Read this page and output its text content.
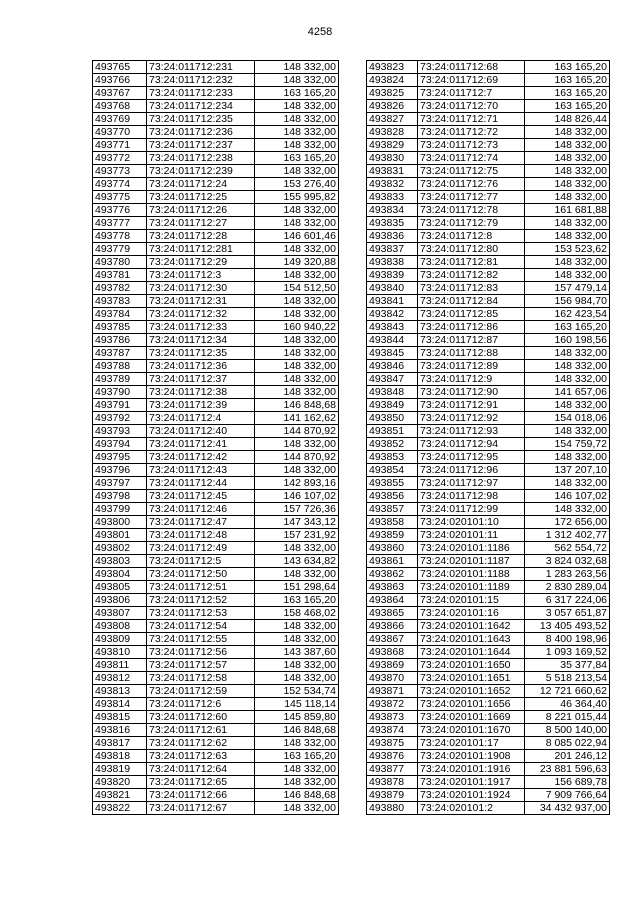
4258
493765	73:24:011712:231	148 332,00
493766	73:24:011712:232	148 332,00
493767	73:24:011712:233	163 165,20
493768	73:24:011712:234	148 332,00
493769	73:24:011712:235	148 332,00
493770	73:24:011712:236	148 332,00
493771	73:24:011712:237	148 332,00
493772	73:24:011712:238	163 165,20
493773	73:24:011712:239	148 332,00
493774	73:24:011712:24	153 276,40
493775	73:24:011712:25	155 995,82
493776	73:24:011712:26	148 332,00
493777	73:24:011712:27	148 332,00
493778	73:24:011712:28	146 601,46
493779	73:24:011712:281	148 332,00
493780	73:24:011712:29	149 320,88
493781	73:24:011712:3	148 332,00
493782	73:24:011712:30	154 512,50
493783	73:24:011712:31	148 332,00
493784	73:24:011712:32	148 332,00
493785	73:24:011712:33	160 940,22
493786	73:24:011712:34	148 332,00
493787	73:24:011712:35	148 332,00
493788	73:24:011712:36	148 332,00
493789	73:24:011712:37	148 332,00
493790	73:24:011712:38	148 332,00
493791	73:24:011712:39	146 848,68
493792	73:24:011712:4	141 162,62
493793	73:24:011712:40	144 870,92
493794	73:24:011712:41	148 332,00
493795	73:24:011712:42	144 870,92
493796	73:24:011712:43	148 332,00
493797	73:24:011712:44	142 893,16
493798	73:24:011712:45	146 107,02
493799	73:24:011712:46	157 726,36
493800	73:24:011712:47	147 343,12
493801	73:24:011712:48	157 231,92
493802	73:24:011712:49	148 332,00
493803	73:24:011712:5	143 634,82
493804	73:24:011712:50	148 332,00
493805	73:24:011712:51	151 298,64
493806	73:24:011712:52	163 165,20
493807	73:24:011712:53	158 468,02
493808	73:24:011712:54	148 332,00
493809	73:24:011712:55	148 332,00
493810	73:24:011712:56	143 387,60
493811	73:24:011712:57	148 332,00
493812	73:24:011712:58	148 332,00
493813	73:24:011712:59	152 534,74
493814	73:24:011712:6	145 118,14
493815	73:24:011712:60	145 859,80
493816	73:24:011712:61	146 848,68
493817	73:24:011712:62	148 332,00
493818	73:24:011712:63	163 165,20
493819	73:24:011712:64	148 332,00
493820	73:24:011712:65	148 332,00
493821	73:24:011712:66	146 848,68
493822	73:24:011712:67	148 332,00
493823	73:24:011712:68	163 165,20
493824	73:24:011712:69	163 165,20
493825	73:24:011712:7	163 165,20
493826	73:24:011712:70	163 165,20
493827	73:24:011712:71	148 826,44
493828	73:24:011712:72	148 332,00
493829	73:24:011712:73	148 332,00
493830	73:24:011712:74	148 332,00
493831	73:24:011712:75	148 332,00
493832	73:24:011712:76	148 332,00
493833	73:24:011712:77	148 332,00
493834	73:24:011712:78	161 681,88
493835	73:24:011712:79	148 332,00
493836	73:24:011712:8	148 332,00
493837	73:24:011712:80	153 523,62
493838	73:24:011712:81	148 332,00
493839	73:24:011712:82	148 332,00
493840	73:24:011712:83	157 479,14
493841	73:24:011712:84	156 984,70
493842	73:24:011712:85	162 423,54
493843	73:24:011712:86	163 165,20
493844	73:24:011712:87	160 198,56
493845	73:24:011712:88	148 332,00
493846	73:24:011712:89	148 332,00
493847	73:24:011712:9	148 332,00
493848	73:24:011712:90	141 657,06
493849	73:24:011712:91	148 332,00
493850	73:24:011712:92	154 018,06
493851	73:24:011712:93	148 332,00
493852	73:24:011712:94	154 759,72
493853	73:24:011712:95	148 332,00
493854	73:24:011712:96	137 207,10
493855	73:24:011712:97	148 332,00
493856	73:24:011712:98	146 107,02
493857	73:24:011712:99	148 332,00
493858	73:24:020101:10	172 656,00
493859	73:24:020101:11	1 312 402,77
493860	73:24:020101:1186	562 554,72
493861	73:24:020101:1187	3 824 032,68
493862	73:24:020101:1188	1 283 263,56
493863	73:24:020101:1189	2 830 289,04
493864	73:24:020101:15	6 317 224,06
493865	73:24:020101:16	3 057 651,87
493866	73:24:020101:1642	13 405 493,52
493867	73:24:020101:1643	8 400 198,96
493868	73:24:020101:1644	1 093 169,52
493869	73:24:020101:1650	35 377,84
493870	73:24:020101:1651	5 518 213,54
493871	73:24:020101:1652	12 721 660,62
493872	73:24:020101:1656	46 364,40
493873	73:24:020101:1669	8 221 015,44
493874	73:24:020101:1670	8 500 140,00
493875	73:24:020101:17	8 085 022,94
493876	73:24:020101:1908	201 246,12
493877	73:24:020101:1916	23 881 596,63
493878	73:24:020101:1917	156 689,78
493879	73:24:020101:1924	7 909 766,64
493880	73:24:020101:2	34 432 937,00
